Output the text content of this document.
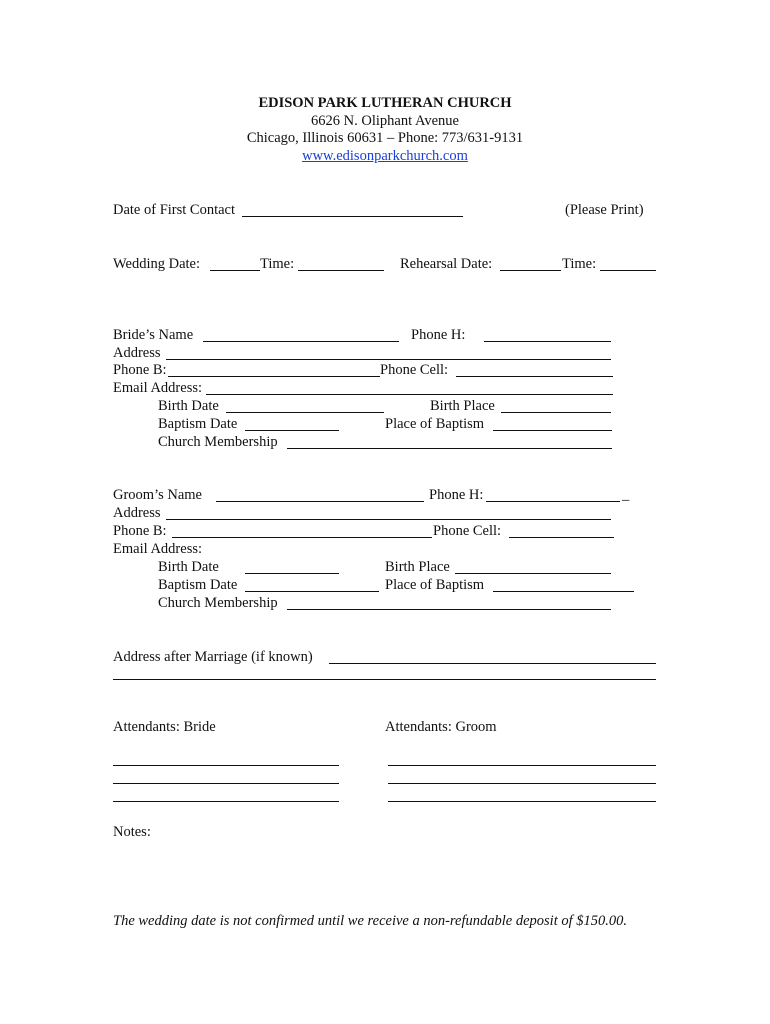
EDISON PARK LUTHERAN CHURCH
6626 N. Oliphant Avenue
Chicago, Illinois 60631 – Phone: 773/631-9131
www.edisonparkchurch.com
Date of First Contact	(Please Print)
Wedding Date:	Time:	Rehearsal Date:	Time:
Bride’s Name	Phone H:
Address
Phone B:	Phone Cell:
Email Address:
Birth Date	Birth Place
Baptism Date	Place of Baptism
Church Membership
Groom’s Name	Phone H:	_
Address
Phone B:	Phone Cell:
Email Address:
Birth Date	Birth Place
Baptism Date	Place of Baptism
Church Membership
Address after Marriage (if known)
Attendants: Bride	Attendants: Groom
Notes:
The wedding date is not confirmed until we receive a non-refundable deposit of $150.00.
